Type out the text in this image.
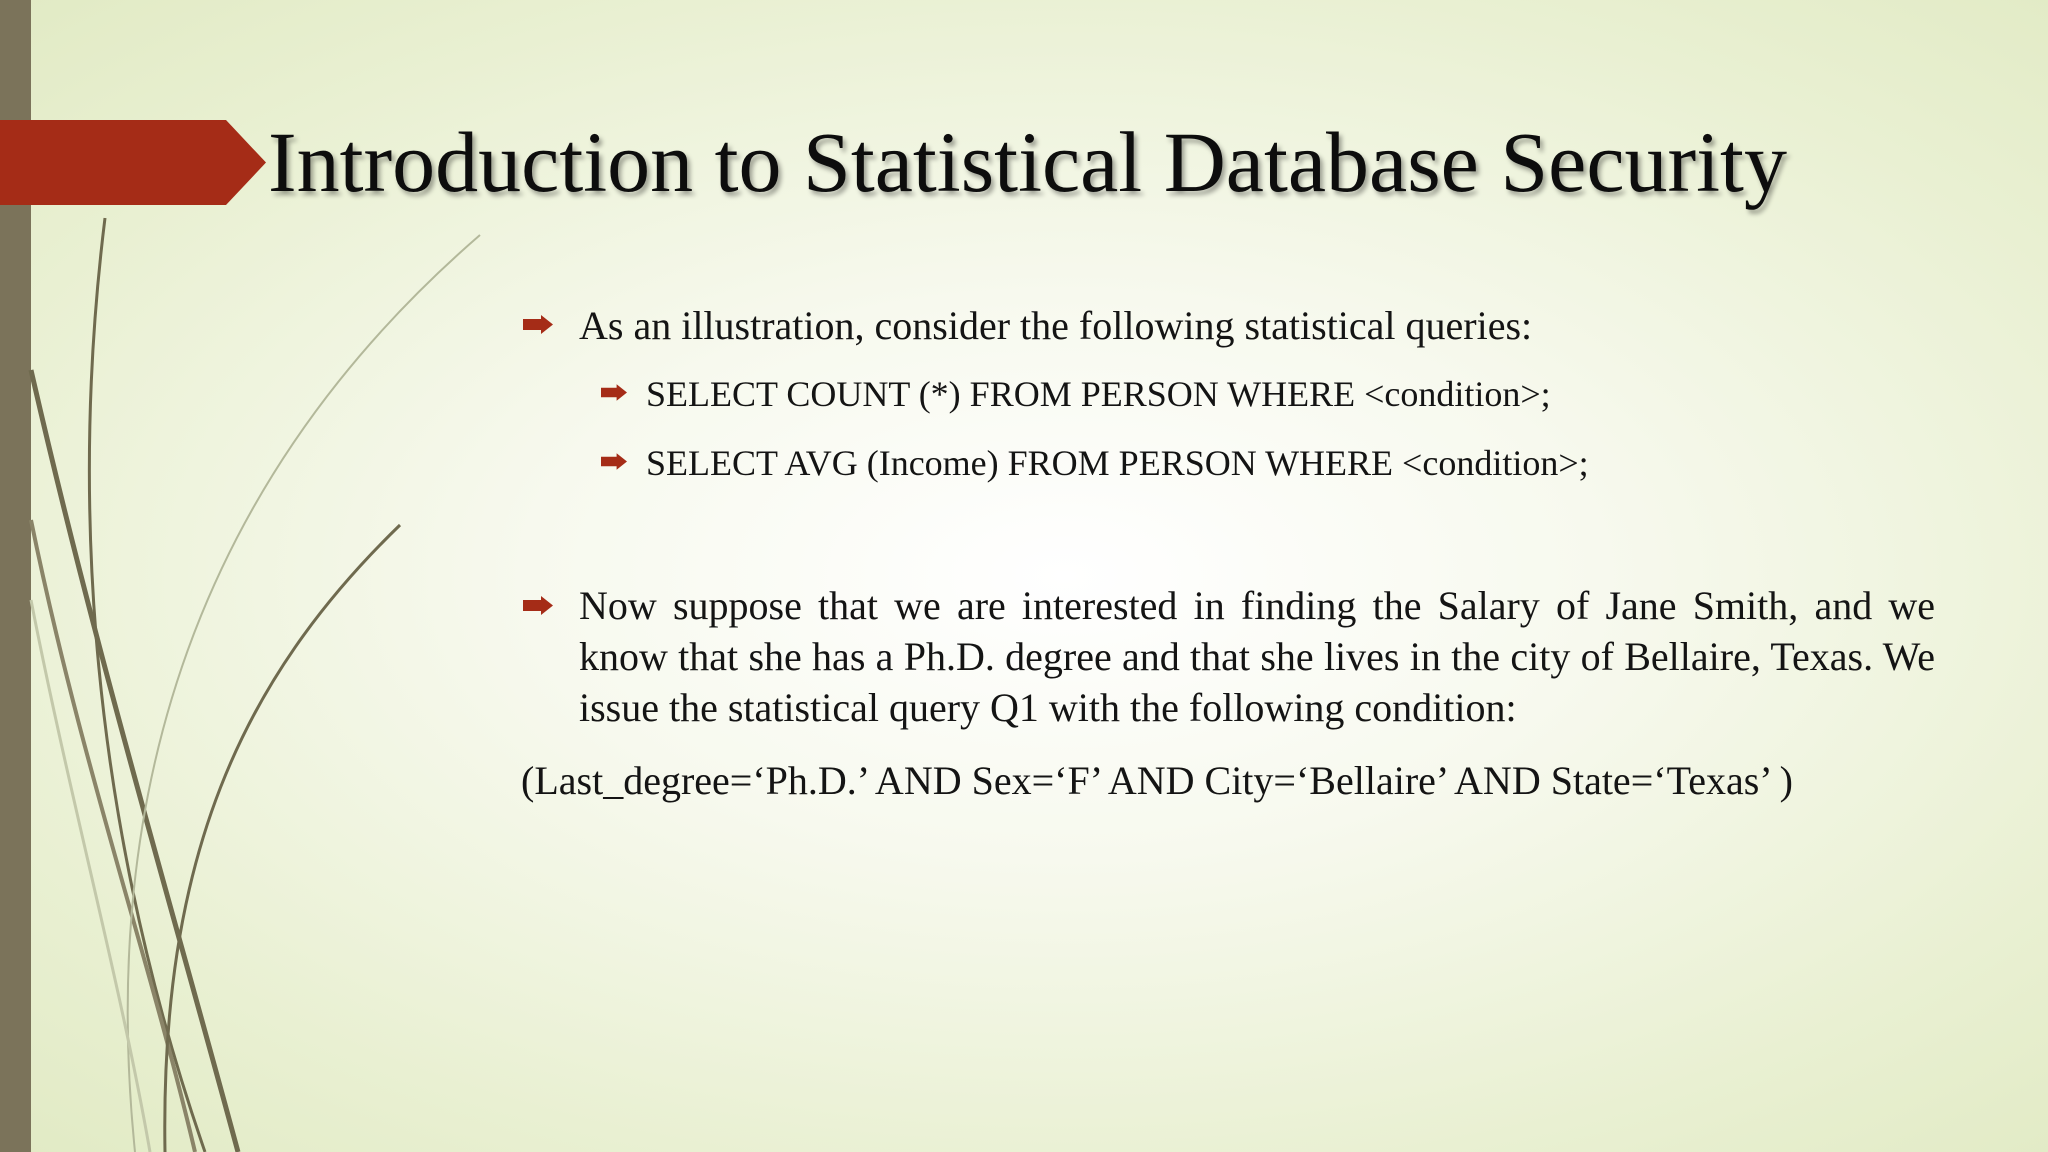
Introduction to Statistical Database Security
As an illustration, consider the following statistical queries:
SELECT COUNT (*) FROM PERSON WHERE <condition>;
SELECT AVG (Income) FROM PERSON WHERE <condition>;
Now suppose that we are interested in finding the Salary of Jane Smith, and we know that she has a Ph.D. degree and that she lives in the city of Bellaire, Texas. We issue the statistical query Q1 with the following condition:
(Last_degree=‘Ph.D.’ AND Sex=‘F’ AND City=‘Bellaire’ AND State=‘Texas’ )
